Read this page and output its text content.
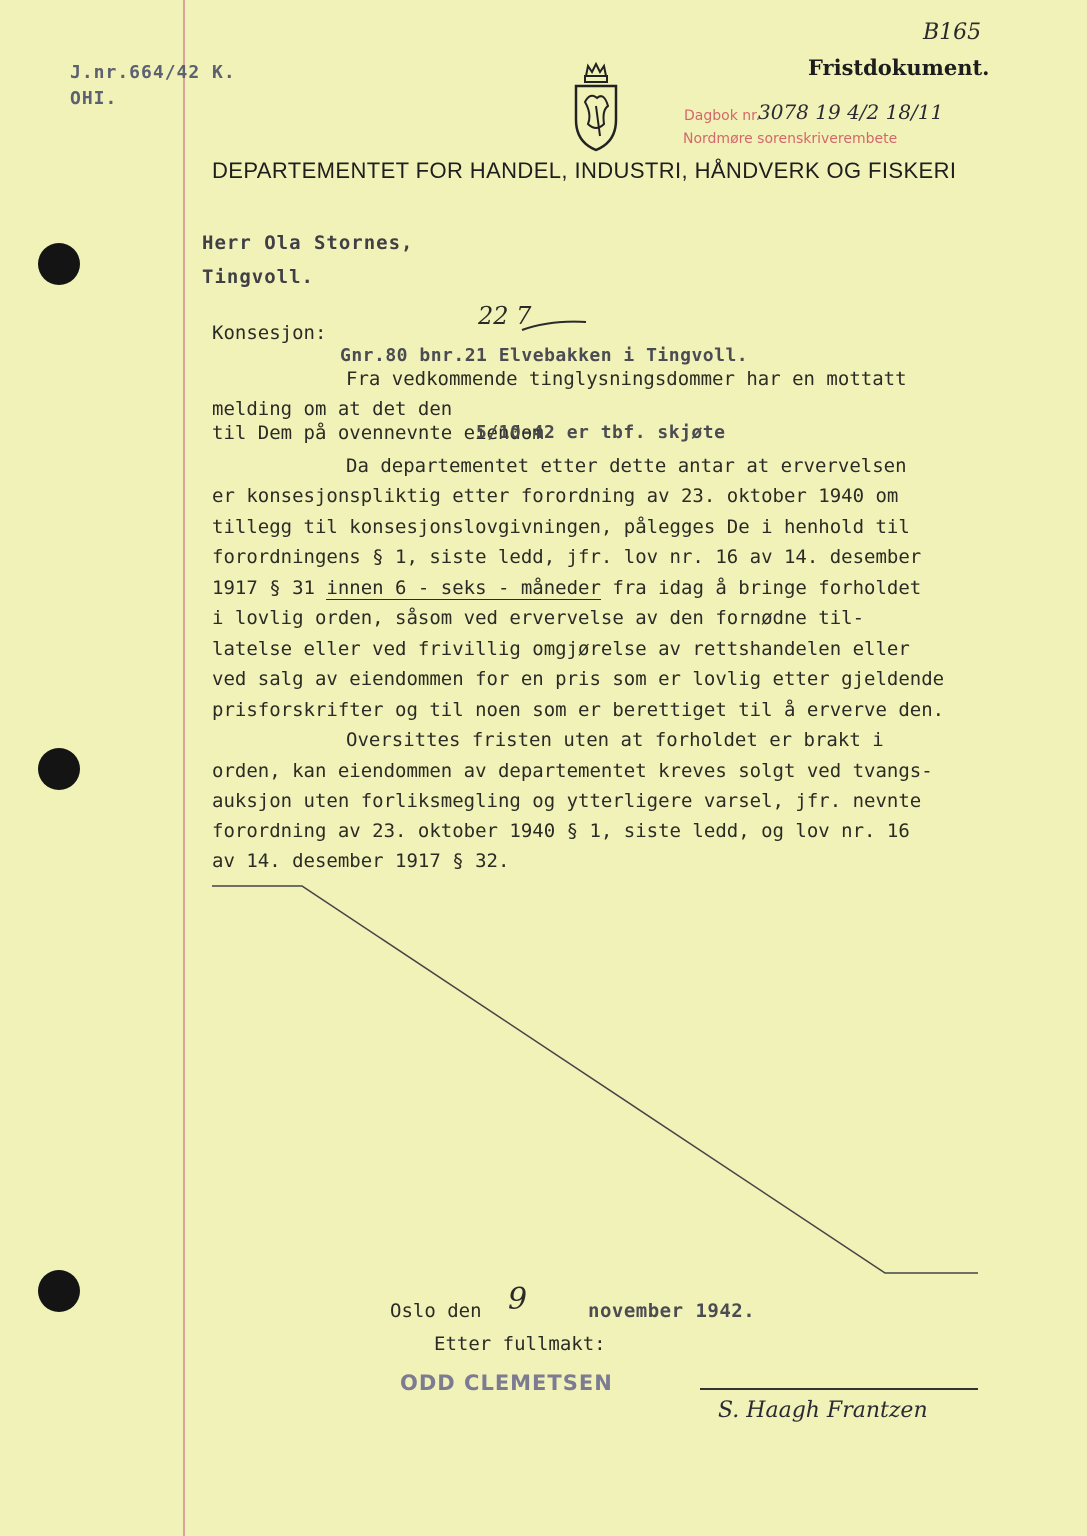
J.nr.664/42 K.
OHI.
B165
Fristdokument.
Dagbok nr.
3078 19 4/2 18/11
Nordmøre sorenskriverembete
DEPARTEMENTET FOR HANDEL, INDUSTRI, HÅNDVERK OG FISKERI
Herr Ola Stornes,
Tingvoll.
Konsesjon:
22 7
Gnr.80 bnr.21 Elvebakken i Tingvoll.
Fra vedkommende tinglysningsdommer har en mottatt
melding om at det den
til Dem på ovennevnte eiendom
5/10-42 er tbf. skjøte
Da departementet etter dette antar at ervervelsen
er konsesjonspliktig etter forordning av 23. oktober 1940 om
tillegg til konsesjonslovgivningen, pålegges De i henhold til
forordningens § 1, siste ledd, jfr. lov nr. 16 av 14. desember
1917 § 31 innen 6 - seks - måneder fra idag å bringe forholdet
i lovlig orden, såsom ved ervervelse av den fornødne til-
latelse eller ved frivillig omgjørelse av rettshandelen eller
ved salg av eiendommen for en pris som er lovlig etter gjeldende
prisforskrifter og til noen som er berettiget til å erverve den.
Oversittes fristen uten at forholdet er brakt i
orden, kan eiendommen av departementet kreves solgt ved tvangs-
auksjon uten forliksmegling og ytterligere varsel, jfr. nevnte
forordning av 23. oktober 1940 § 1, siste ledd, og lov nr. 16
av 14. desember 1917 § 32.
Oslo den 9	november 1942.
Etter fullmakt:
ODD CLEMETSEN
S. Haagh Frantzen
